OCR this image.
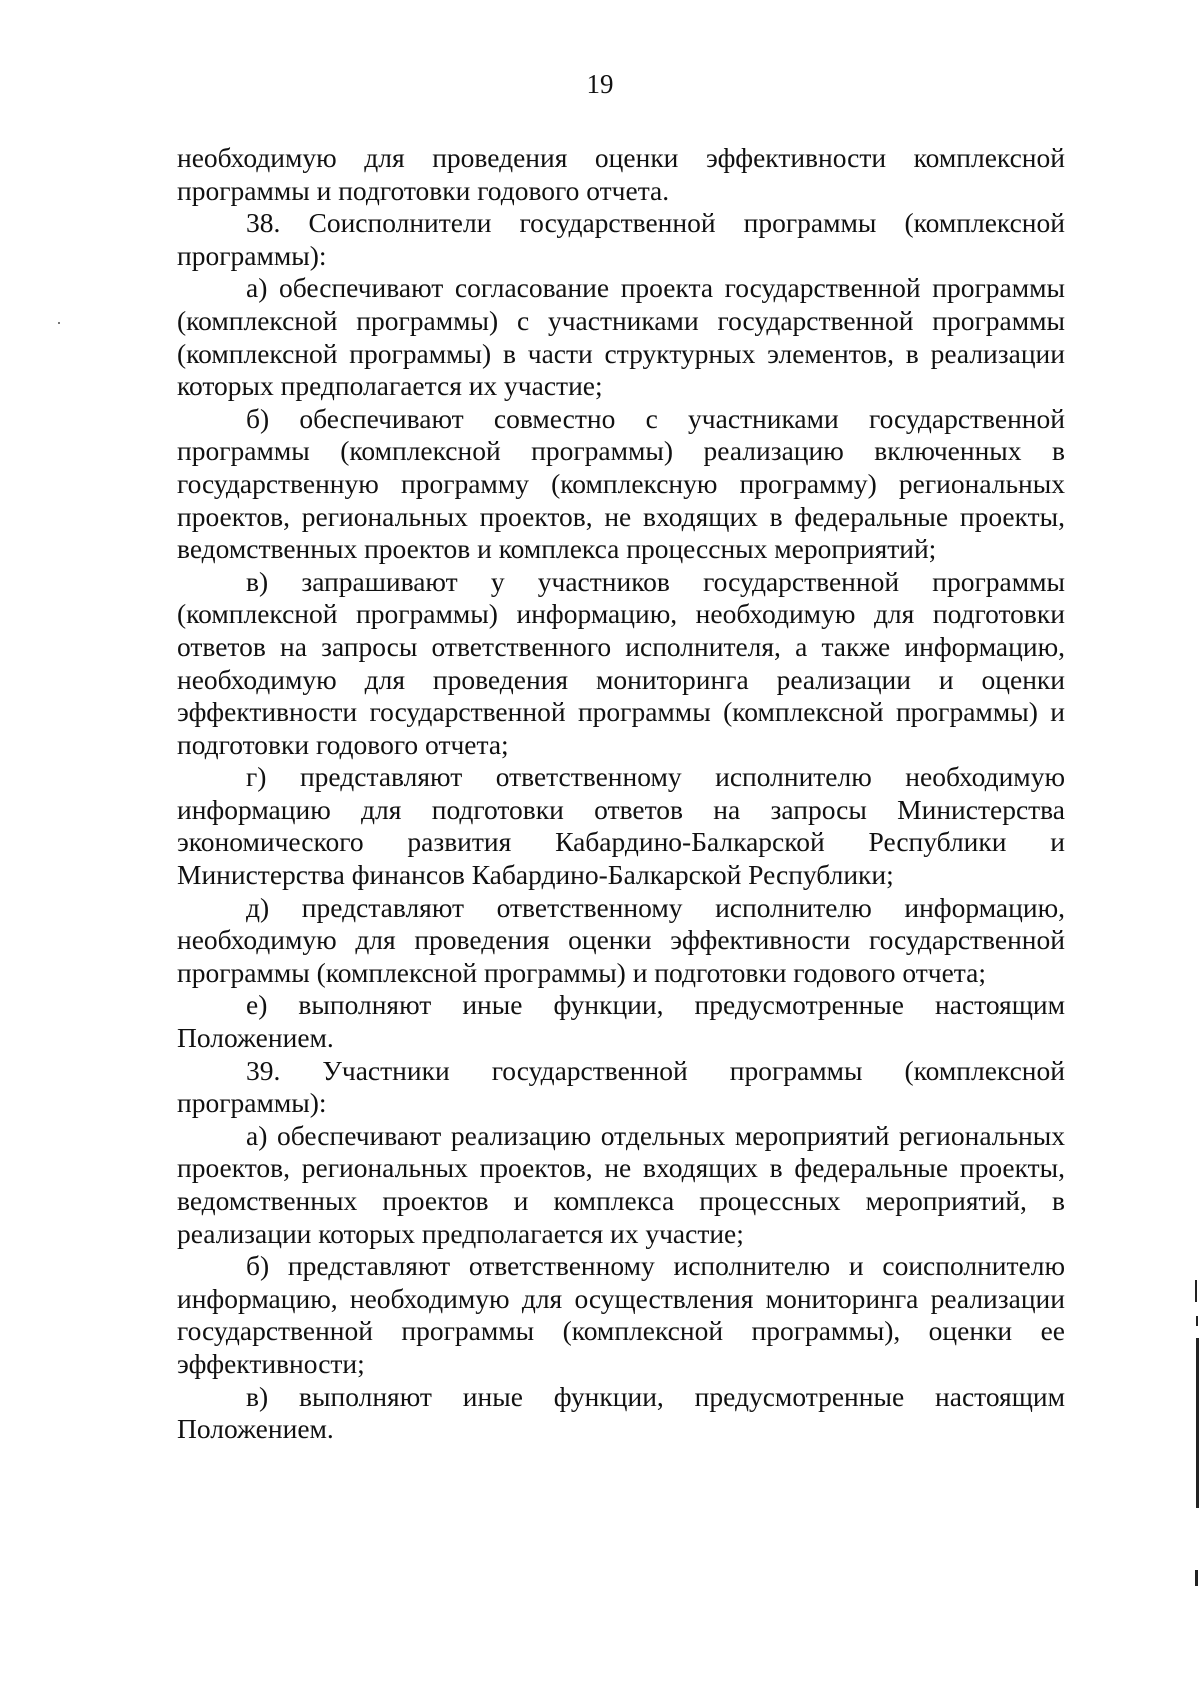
19

необходимую для проведения оценки эффективности комплексной программы и подготовки годового отчета.

38. Соисполнители государственной программы (комплексной программы):

а) обеспечивают согласование проекта государственной программы (комплексной программы) с участниками государственной программы (комплексной программы) в части структурных элементов, в реализации которых предполагается их участие;

б) обеспечивают совместно с участниками государственной программы (комплексной программы) реализацию включенных в государственную программу (комплексную программу) региональных проектов, региональных проектов, не входящих в федеральные проекты, ведомственных проектов и комплекса процессных мероприятий;

в) запрашивают у участников государственной программы (комплексной программы) информацию, необходимую для подготовки ответов на запросы ответственного исполнителя, а также информацию, необходимую для проведения мониторинга реализации и оценки эффективности государственной программы (комплексной программы) и подготовки годового отчета;

г) представляют ответственному исполнителю необходимую информацию для подготовки ответов на запросы Министерства экономического развития Кабардино-Балкарской Республики и Министерства финансов Кабардино-Балкарской Республики;

д) представляют ответственному исполнителю информацию, необходимую для проведения оценки эффективности государственной программы (комплексной программы) и подготовки годового отчета;

е) выполняют иные функции, предусмотренные настоящим Положением.

39. Участники государственной программы (комплексной программы):

а) обеспечивают реализацию отдельных мероприятий региональных проектов, региональных проектов, не входящих в федеральные проекты, ведомственных проектов и комплекса процессных мероприятий, в реализации которых предполагается их участие;

б) представляют ответственному исполнителю и соисполнителю информацию, необходимую для осуществления мониторинга реализации государственной программы (комплексной программы), оценки ее эффективности;

в) выполняют иные функции, предусмотренные настоящим Положением.
